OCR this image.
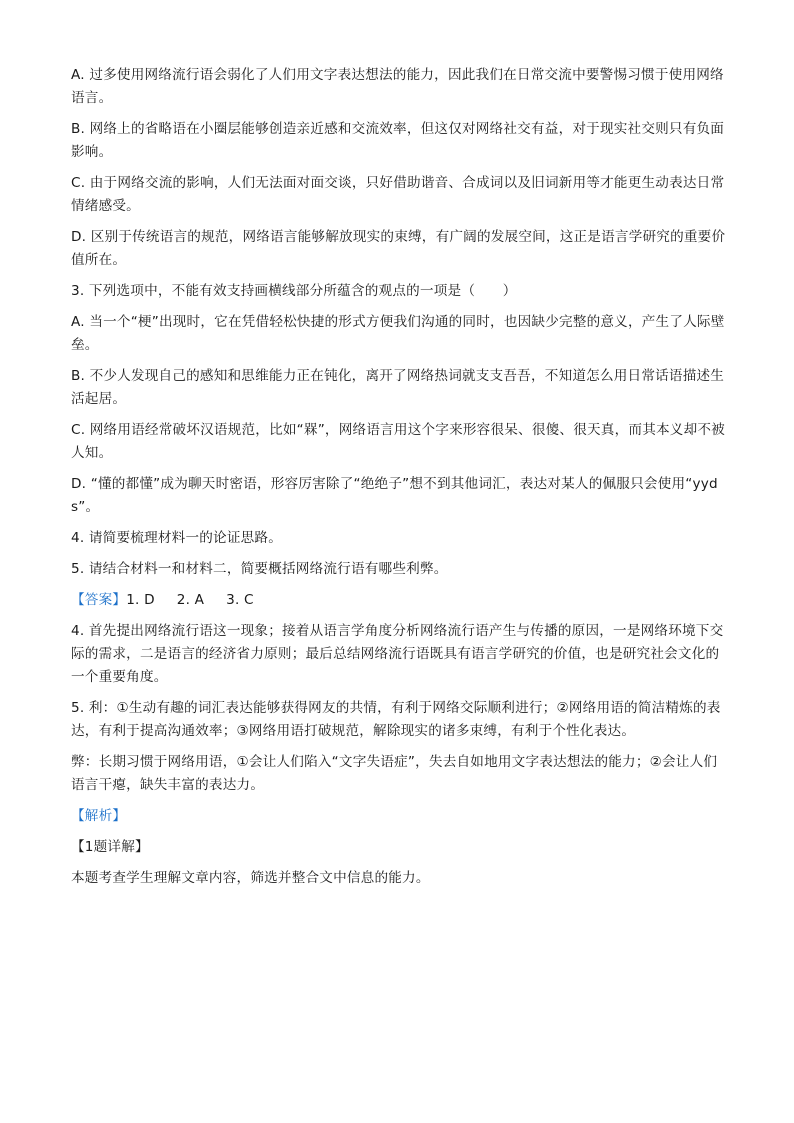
A. 过多使用网络流行语会弱化了人们用文字表达想法的能力，因此我们在日常交流中要警惕习惯于使用网络语言。

B. 网络上的省略语在小圈层能够创造亲近感和交流效率，但这仅对网络社交有益，对于现实社交则只有负面影响。

C. 由于网络交流的影响，人们无法面对面交谈，只好借助谐音、合成词以及旧词新用等才能更生动表达日常情绪感受。

D. 区别于传统语言的规范，网络语言能够解放现实的束缚，有广阔的发展空间，这正是语言学研究的重要价值所在。

3. 下列选项中，不能有效支持画横线部分所蕴含的观点的一项是（　　）

A. 当一个“梗”出现时，它在凭借轻松快捷的形式方便我们沟通的同时，也因缺少完整的意义，产生了人际壁垒。

B. 不少人发现自己的感知和思维能力正在钝化，离开了网络热词就支支吾吾，不知道怎么用日常话语描述生活起居。

C. 网络用语经常破坏汉语规范，比如“槑”，网络语言用这个字来形容很呆、很傻、很天真，而其本义却不被人知。

D. “懂的都懂”成为聊天时密语，形容厉害除了“绝绝子”想不到其他词汇，表达对某人的佩服只会使用“yyds”。

4. 请简要梳理材料一的论证思路。

5. 请结合材料一和材料二，简要概括网络流行语有哪些利弊。

【答案】1. D 2. A 3. C

4. 首先提出网络流行语这一现象；接着从语言学角度分析网络流行语产生与传播的原因，一是网络环境下交际的需求，二是语言的经济省力原则；最后总结网络流行语既具有语言学研究的价值，也是研究社会文化的一个重要角度。

5. 利：①生动有趣的词汇表达能够获得网友的共情，有利于网络交际顺利进行；②网络用语的简洁精炼的表达，有利于提高沟通效率；③网络用语打破规范，解除现实的诸多束缚，有利于个性化表达。

弊：长期习惯于网络用语，①会让人们陷入“文字失语症”，失去自如地用文字表达想法的能力；②会让人们语言干瘪，缺失丰富的表达力。

【解析】

【1题详解】

本题考查学生理解文章内容，筛选并整合文中信息的能力。
